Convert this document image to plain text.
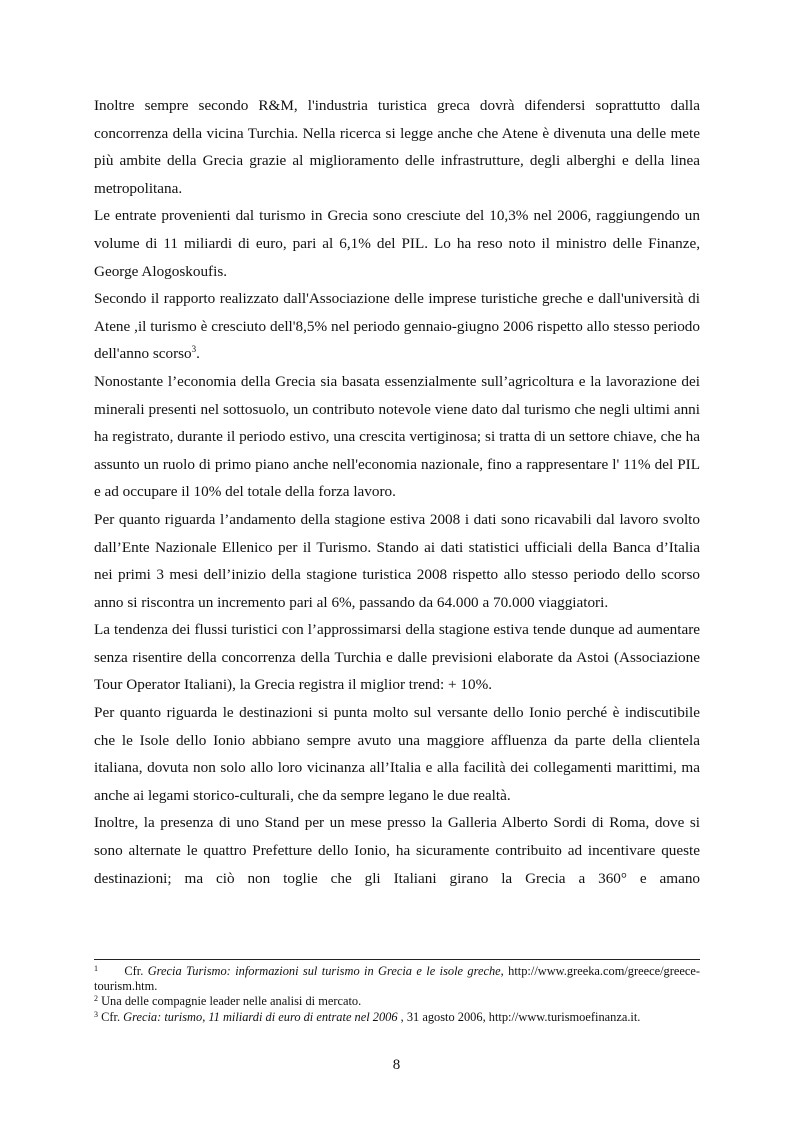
Inoltre sempre secondo R&M, l'industria turistica greca dovrà difendersi soprattutto dalla concorrenza della vicina Turchia. Nella ricerca si legge anche che Atene è divenuta una delle mete più ambite della Grecia grazie al miglioramento delle infrastrutture, degli alberghi e della linea metropolitana.

Le entrate provenienti dal turismo in Grecia sono cresciute del 10,3% nel 2006, raggiungendo un volume di 11 miliardi di euro, pari al 6,1% del PIL. Lo ha reso noto il ministro delle Finanze, George Alogoskoufis.

Secondo il rapporto realizzato dall'Associazione delle imprese turistiche greche e dall'università di Atene ,il turismo è cresciuto dell'8,5% nel periodo gennaio-giugno 2006 rispetto allo stesso periodo dell'anno scorso$^3$.

Nonostante l’economia della Grecia sia basata essenzialmente sull’agricoltura e la lavorazione dei minerali presenti nel sottosuolo, un contributo notevole viene dato dal turismo che negli ultimi anni ha registrato, durante il periodo estivo, una crescita vertiginosa; si tratta di un settore chiave, che ha assunto un ruolo di primo piano anche nell'economia nazionale, fino a rappresentare l' 11% del PIL e ad occupare il 10% del totale della forza lavoro.

Per quanto riguarda l’andamento della stagione estiva 2008 i dati sono ricavabili dal lavoro svolto dall’Ente Nazionale Ellenico per il Turismo. Stando ai dati statistici ufficiali della Banca d’Italia nei primi 3 mesi dell’inizio della stagione turistica 2008 rispetto allo stesso periodo dello scorso anno si riscontra un incremento pari al 6%, passando da 64.000 a 70.000 viaggiatori.

La tendenza dei flussi turistici con l’approssimarsi della stagione estiva tende dunque ad aumentare senza risentire della concorrenza della Turchia e dalle previsioni elaborate da Astoi (Associazione Tour Operator Italiani), la Grecia registra il miglior trend: + 10%.

Per quanto riguarda le destinazioni si punta molto sul versante dello Ionio perché è indiscutibile che le Isole dello Ionio abbiano sempre avuto una maggiore affluenza da parte della clientela italiana, dovuta non solo allo loro vicinanza all’Italia e alla facilità dei collegamenti marittimi, ma anche ai legami storico-culturali, che da sempre legano le due realtà.

Inoltre, la presenza di uno Stand per un mese presso la Galleria Alberto Sordi di Roma, dove si sono alternate le quattro Prefetture dello Ionio, ha sicuramente contribuito ad incentivare queste destinazioni; ma ciò non toglie che gli Italiani girano la Grecia a 360° e amano

$^1$ Cfr. Grecia Turismo: informazioni sul turismo in Grecia e le isole greche, http://www.greeka.com/greece/greece-tourism.htm.

$^2$ Una delle compagnie leader nelle analisi di mercato.

$^3$ Cfr. Grecia: turismo, 11 miliardi di euro di entrate nel 2006 , 31 agosto 2006, http://www.turismoefinanza.it.

8
